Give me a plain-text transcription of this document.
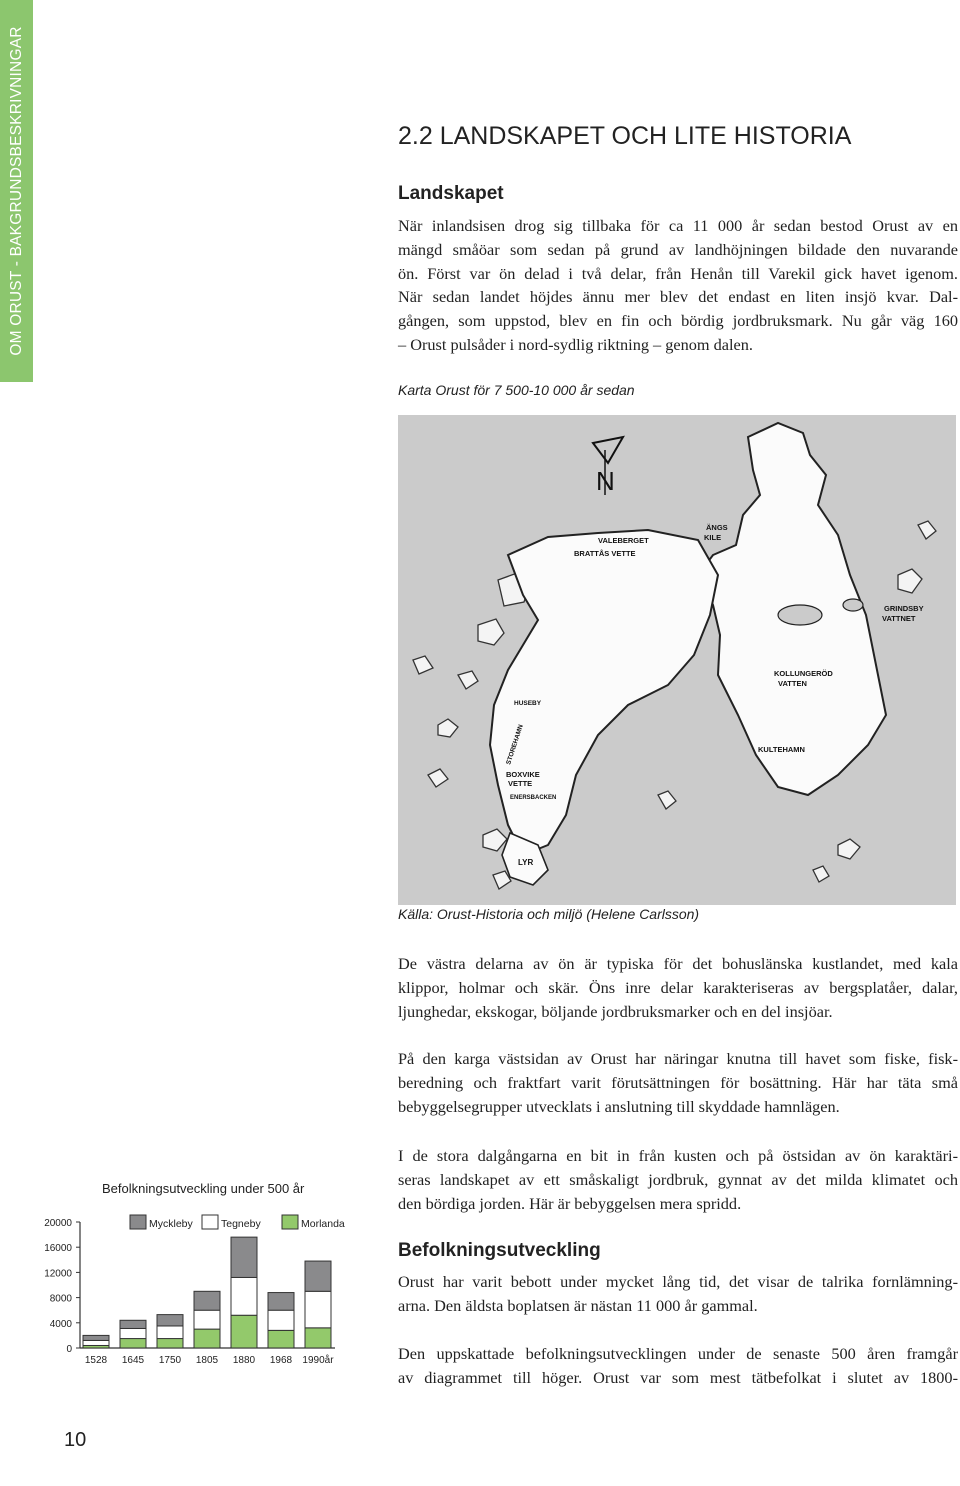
OM ORUST - BAKGRUNDSBESKRIVNINGAR	2.2 LANDSKAPET OCH LITE HISTORIA
Landskapet
När inlandsisen drog sig tillbaka för ca 11 000 år sedan bestod Orust av en
mängd småöar som sedan på grund av landhöjningen bildade den nuvarande
ön. Först var ön delad i två delar, från Henån till Varekil gick havet igenom.
När sedan landet höjdes ännu mer blev det endast en liten insjö kvar. Dal-
gången, som uppstod, blev en fin och bördig jordbruksmark. Nu går väg 160
– Orust pulsåder i nord-sydlig riktning – genom dalen.

Karta Orust för 7 500-10 000 år sedan

N
VALEBERGET
BRATTÅS VETTE
ÄNGS
KILE
GRINDSBY
VATTNET
KOLLUNGERÖD
VATTEN
HUSEBY
STOREHAMN	KULTEHAMN
BOXVIKE
VETTE
ENERSBACKEN
LYR

Källa: Orust-Historia och miljö (Helene Carlsson)

De västra delarna av ön är typiska för det bohuslänska kustlandet, med kala
klippor, holmar och skär. Öns inre delar karakteriseras av bergsplatåer, dalar,
ljunghedar, ekskogar, böljande jordbruksmarker och en del insjöar.
På den karga västsidan av Orust har näringar knutna till havet som fiske, fisk-
beredning och fraktfart varit förutsättningen för bosättning. Här har täta små
bebyggelsegrupper utvecklats i anslutning till skyddade hamnlägen.
I de stora dalgångarna en bit in från kusten och på östsidan av ön karaktäri-
seras landskapet av ett småskaligt jordbruk, gynnat av det milda klimatet och
den bördiga jorden. Här är bebyggelsen mera spridd.
Befolkningsutveckling
Orust har varit bebott under mycket lång tid, det visar de talrika fornlämning-
arna. Den äldsta boplatsen är nästan 11 000 år gammal.
Den uppskattade befolkningsutvecklingen under de senaste 500 åren framgår
av diagrammet till höger. Orust var som mest tätbefolkat i slutet av 1800-
Befolkningsutveckling under 500 år
Myckleby	Tegneby	Morlanda
0
4000
8000
12000
16000
20000
1528 1645 1750 1805 1880 1968 1990år
10
